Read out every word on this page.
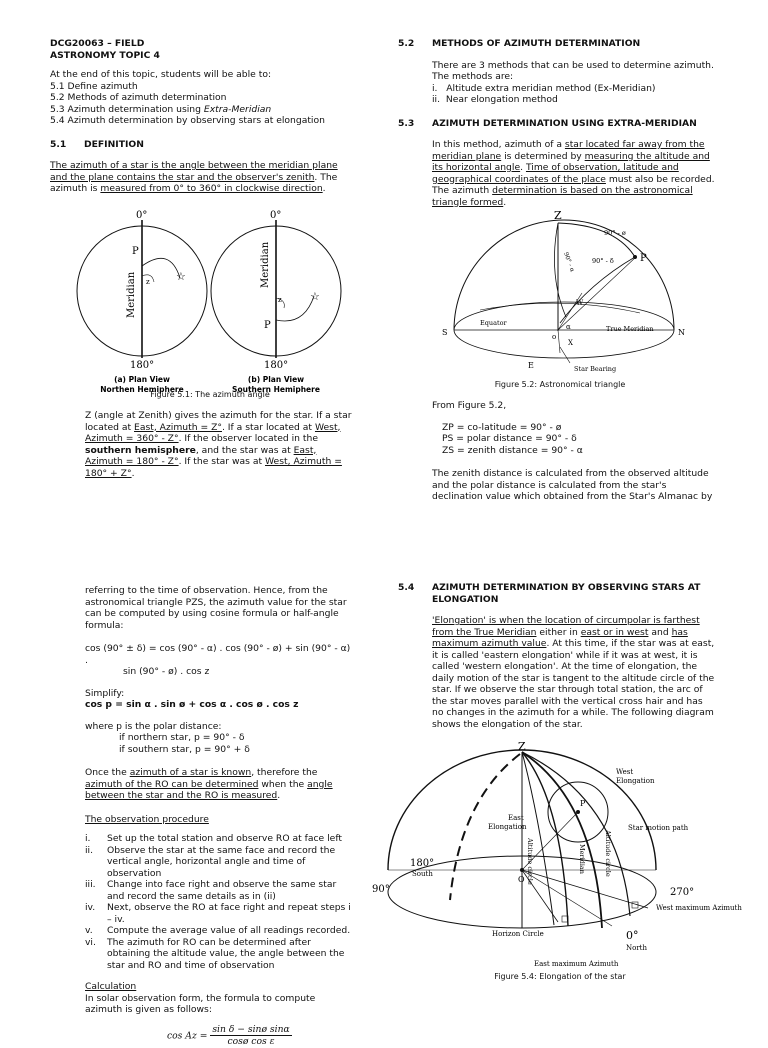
DCG20063 – FIELD

ASTRONOMY TOPIC 4

At the end of this topic, students will be able to:

5.1 Define azimuth

5.2 Methods of azimuth determination

5.3 Azimuth determination using Extra-Meridian

5.4 Azimuth determination by observing stars at elongation

5.1 DEFINITION

The azimuth of a star is the angle between the meridian plane and the plane contains the star and the observer's zenith. The azimuth is measured from 0° to 360° in clockwise direction.

☆
0°
180°
P
z
Meridian	☆
0°
180°
P
z
Meridian
(a) Plan View
Northen Hemiphere
(b) Plan View
Southern Hemiphere
Figure 5.1: The azimuth angle

Z (angle at Zenith) gives the azimuth for the star. If a star located at East, Azimuth = Z°. If a star located at West, Azimuth = 360° - Z°. If the observer located in the southern hemisphere, and the star was at East, Azimuth = 180° - Z°. If the star was at West, Azimuth = 180° + Z°.

5.2 METHODS OF AZIMUTH DETERMINATION

There are 3 methods that can be used to determine azimuth. The methods are:

i.   Altitude extra meridian method (Ex-Meridian)

ii.  Near elongation method

5.3 AZIMUTH DETERMINATION USING EXTRA-MERIDIAN

In this method, azimuth of a star located far away from the meridian plane is determined by measuring the altitude and its horizontal angle. Time of observation, latitude and geographical coordinates of the place must also be recorded. The azimuth determination is based on the astronomical triangle formed.

Z
P
S	N
E
W
o
X
α
Equator
True Meridian
Star Bearing
90° - ø
90° - δ
90° - α
Figure 5.2: Astronomical triangle

From Figure 5.2,

ZP = co-latitude = 90° - ø

PS = polar distance = 90° - δ

ZS = zenith distance = 90° - α

The zenith distance is calculated from the observed altitude and the polar distance is calculated from the star's declination value which obtained from the Star's Almanac by

referring to the time of observation. Hence, from the astronomical triangle PZS, the azimuth value for the star can be computed by using cosine formula or half-angle formula:

cos (90° ± δ) = cos (90° - α) . cos (90° - ø) + sin (90° - α) .

sin (90° - ø) . cos z

Simplify:

cos p = sin α . sin ø + cos α . cos ø . cos z

where p is the polar distance:

if northern star, p = 90° - δ

if southern star, p = 90° + δ

Once the azimuth of a star is known, therefore the azimuth of the RO can be determined when the angle between the star and the RO is measured.

The observation procedure

i.	Set up the total station and observe RO at face left
ii.	Observe the star at the same face and record the vertical angle, horizontal angle and time of observation
iii.	Change into face right and observe the same star and record the same details as in (ii)
iv.	Next, observe the RO at face right and repeat steps i – iv.
v.	Compute the average value of all readings recorded.
vi.	The azimuth for RO can be determined after obtaining the altitude value, the angle between the star and RO and time of observation

Calculation

In solar observation form, the formula to compute azimuth is given as follows:

$\cos Az = \frac{\text{sin δ − sinø sinα}}{\text{cosø cos ε}}$

5.4 AZIMUTH DETERMINATION BY OBSERVING STARS AT

ELONGATION

'Elongation' is when the location of circumpolar is farthest from the True Meridian either in east or in west and has maximum azimuth value. At this time, if the star was at east, it is called 'eastern elongation' while if it was at west, it is called 'western elongation'. At the time of elongation, the daily motion of the star is tangent to the altitude circle of the star. If we observe the star through total station, the arc of the star moves parallel with the vertical cross hair and has no changes in the azimuth for a while. The following diagram shows the elongation of the star.

Z
O
P
West
Elongation
East
Elongation	Star motion path
Altitude circle	Altitude circle
Meridian
180°
South
90°	270°
0°
North
Horizon Circle
East maximum Azimuth
West maximum Azimuth
Figure 5.4: Elongation of the star
